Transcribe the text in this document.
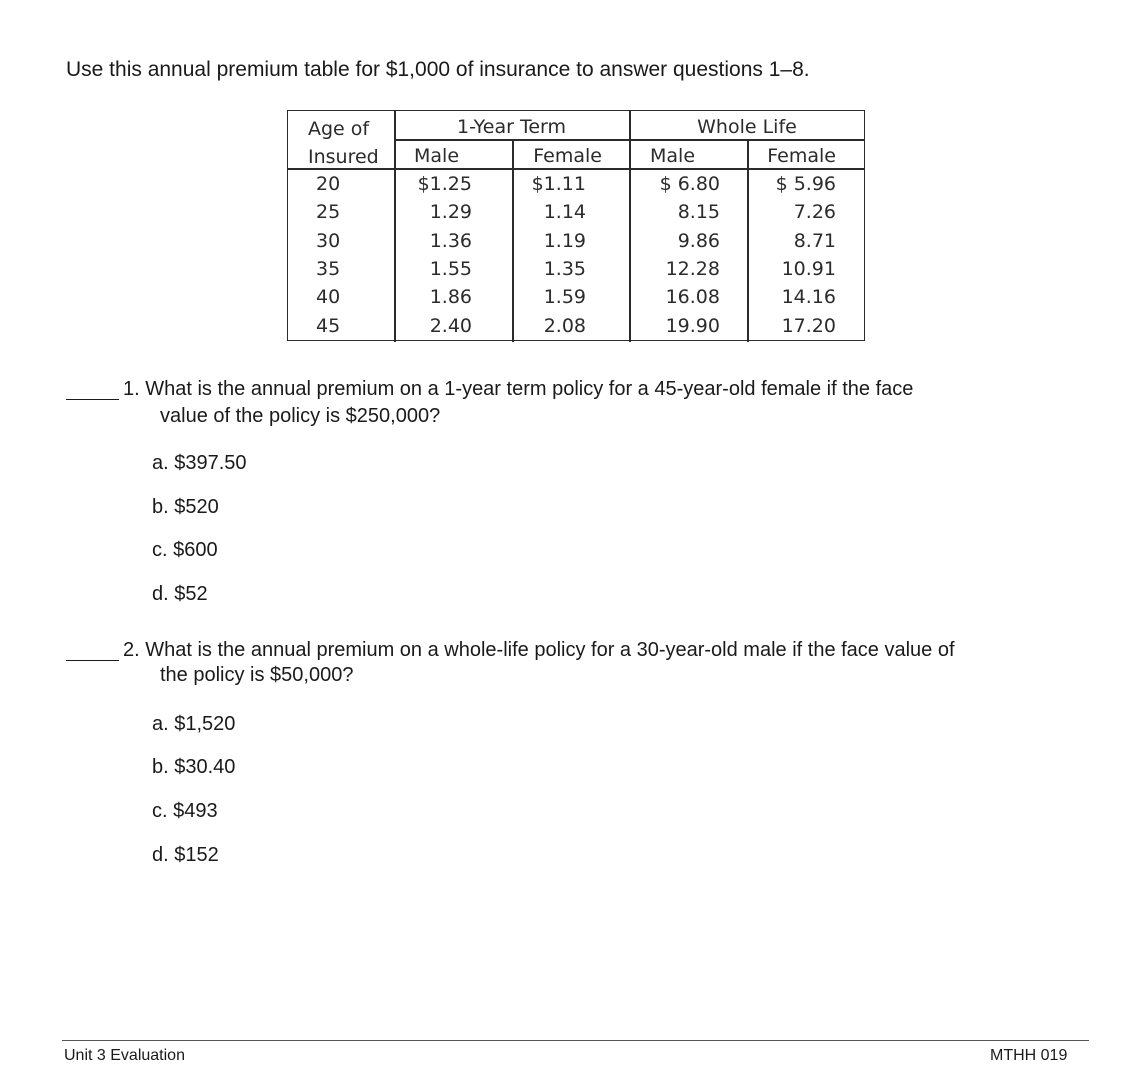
Use this annual premium table for $1,000 of insurance to answer questions 1–8.
Age of
Insured
1-Year Term	Whole Life
Male	Female	Male	Female
20	$1.25	$1.11	$ 6.80	$ 5.96
25	1.29	1.14	8.15	7.26
30	1.36	1.19	9.86	8.71
35	1.55	1.35	12.28	10.91
40	1.86	1.59	16.08	14.16
45	2.40	2.08	19.90	17.20
1. What is the annual premium on a 1-year term policy for a 45-year-old female if the face
value of the policy is $250,000?
a. $397.50
b. $520
c. $600
d. $52
2. What is the annual premium on a whole-life policy for a 30-year-old male if the face value of
the policy is $50,000?
a. $1,520
b. $30.40
c. $493
d. $152
Unit 3 Evaluation	MTHH 019
